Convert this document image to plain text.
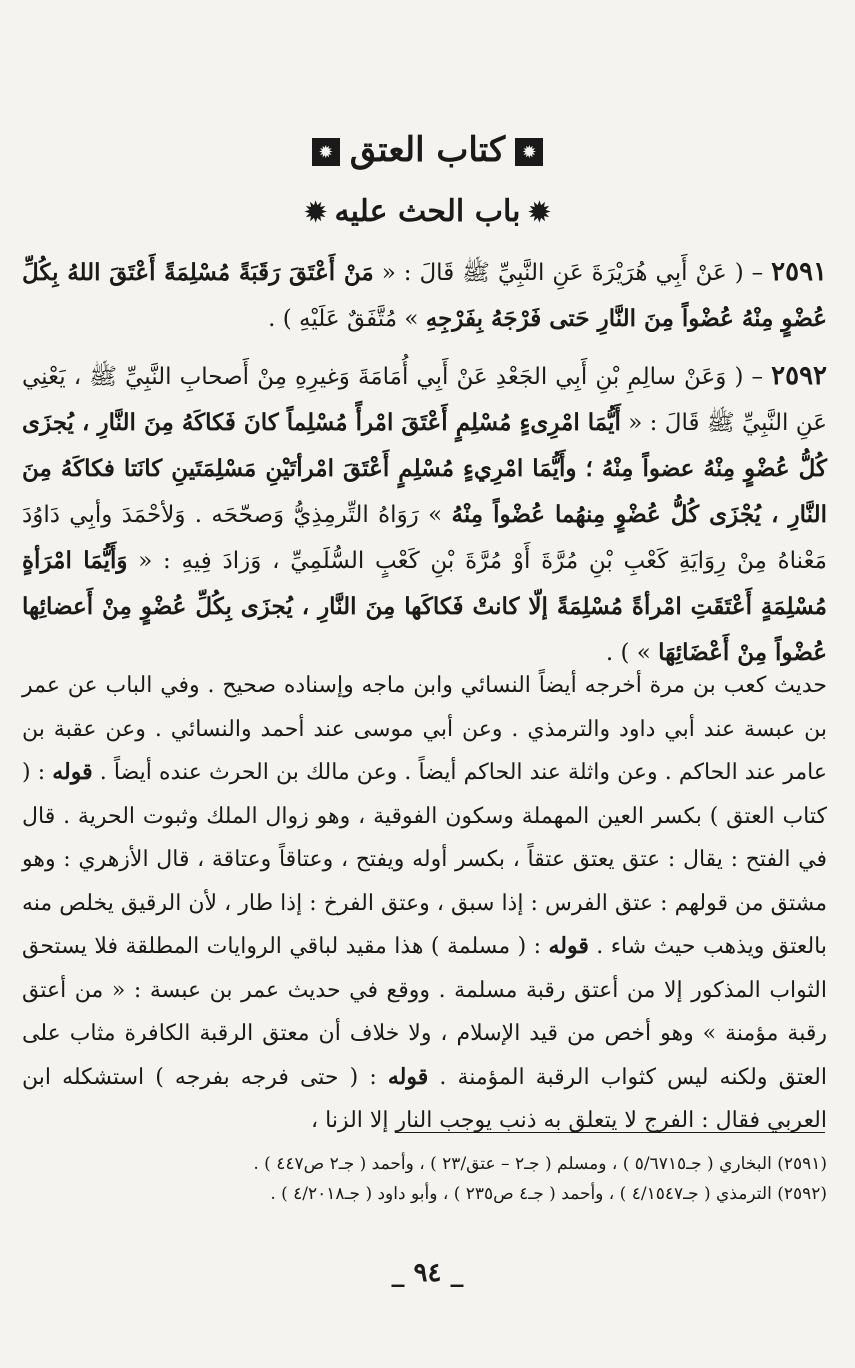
✹كتاب العتق✹
✹باب الحث عليه✹
٢٥٩١ – ( عَنْ أَبِي هُرَيْرَةَ عَنِ النَّبِيِّ ﷺ قَالَ : « مَنْ أَعْتَقَ رَقَبَةً مُسْلِمَةً أَعْتَقَ اللهُ بِكُلِّ عُضْوٍ مِنْهُ عُضْواً مِنَ النَّارِ حَتى فَرْجَهُ بِفَرْجِهِ » مُتَّفَقٌ عَلَيْهِ ) .
٢٥٩٢ – ( وَعَنْ سالِمِ بْنِ أَبِي الجَعْدِ عَنْ أَبِي أُمَامَةَ وَغيرِهِ مِنْ أَصحابِ النَّبِيِّ ﷺ ، يَعْنِي عَنِ النَّبِيِّ ﷺ قَالَ : « أَيُّمَا امْرِىءٍ مُسْلِمٍ أَعْتَقَ امْرأً مُسْلِماً كانَ فَكاكَهُ مِنَ النَّارِ ، يُجزَى كُلُّ عُضْوٍ مِنْهُ عضواً مِنْهُ ؛ وأَيُّمَا امْرِيءٍ مُسْلِمٍ أَعْتَقَ امْرأتَيْنِ مَسْلِمَتَينِ كانَتا فكاكَهُ مِنَ النَّارِ ، يُجْزَى كُلُّ عُضْوٍ مِنهُما عُضْواً مِنْهُ » رَوَاهُ التِّرمِذِيُّ وَصحّحَه . وَلأحْمَدَ وأبِي دَاوُدَ مَعْناهُ مِنْ رِوَايَةِ كَعْبِ بْنِ مُرَّةَ أَوْ مُرَّةَ بْنِ كَعْبٍ السُّلَمِيِّ ، وَزادَ فِيهِ : « وَأَيُّمَا امْرَأةٍ مُسْلِمَةٍ أَعْتَقَتِ امْرأةً مُسْلِمَةً إلّا كانتْ فَكاكَها مِنَ النَّارِ ، يُجزَى بِكُلِّ عُضْوٍ مِنْ أَعضائِها عُضْواً مِنْ أَعْضَائِهَا » ) .
حديث كعب بن مرة أخرجه أيضاً النسائي وابن ماجه وإسناده صحيح . وفي الباب عن عمر بن عبسة عند أبي داود والترمذي . وعن أبي موسى عند أحمد والنسائي . وعن عقبة بن عامر عند الحاكم . وعن واثلة عند الحاكم أيضاً . وعن مالك بن الحرث عنده أيضاً . قوله : ( كتاب العتق ) بكسر العين المهملة وسكون الفوقية ، وهو زوال الملك وثبوت الحرية . قال في الفتح : يقال : عتق يعتق عتقاً ، بكسر أوله ويفتح ، وعتاقاً وعتاقة ، قال الأزهري : وهو مشتق من قولهم : عتق الفرس : إذا سبق ، وعتق الفرخ : إذا طار ، لأن الرقيق يخلص منه بالعتق ويذهب حيث شاء . قوله : ( مسلمة ) هذا مقيد لباقي الروايات المطلقة فلا يستحق الثواب المذكور إلا من أعتق رقبة مسلمة . ووقع في حديث عمر بن عبسة : « من أعتق رقبة مؤمنة » وهو أخص من قيد الإسلام ، ولا خلاف أن معتق الرقبة الكافرة مثاب على العتق ولكنه ليس كثواب الرقبة المؤمنة . قوله : ( حتى فرجه بفرجه ) استشكله ابن العربي فقال : الفرج لا يتعلق به ذنب يوجب النار إلا الزنا ،
(٢٥٩١) البخاري ( جـ٥/٦٧١٥ ) ، ومسلم ( جـ٢ – عتق/٢٣ ) ، وأحمد ( جـ٢ ص٤٤٧ ) .
(٢٥٩٢) الترمذي ( جـ٤/١٥٤٧ ) ، وأحمد ( جـ٤ ص٢٣٥ ) ، وأبو داود ( جـ٤/٢٠١٨ ) .
_ ٩٤ _
